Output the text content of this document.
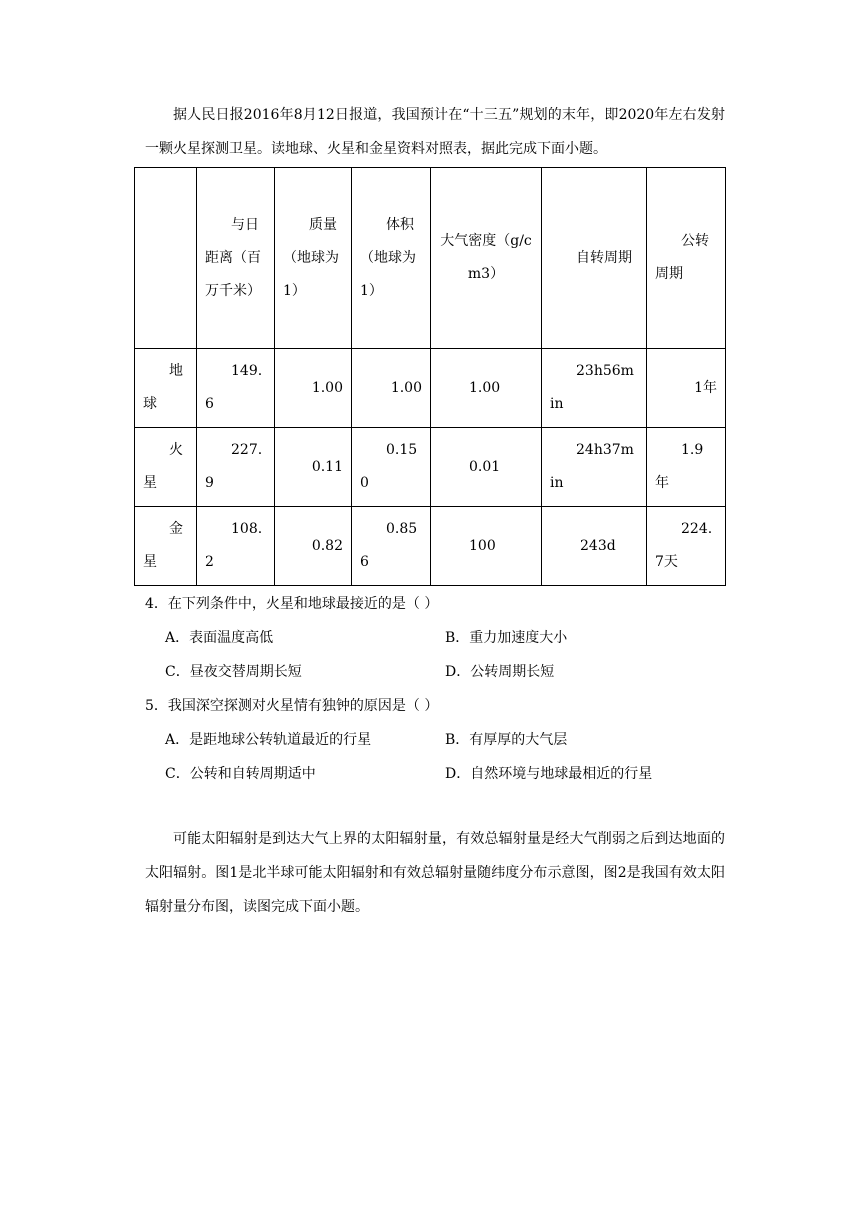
据人民日报2016年8月12日报道，我国预计在“十三五”规划的末年，即2020年左右发射一颗火星探测卫星。读地球、火星和金星资料对照表，据此完成下面小题。

	与日距离（百万千米）	质量（地球为1）	体积（地球为1）	大气密度（g/cm3）	自转周期	公转周期

地球	149.6	1.00	1.00	1.00	23h56min	1年

火星	227.9	0.11	0.150	0.01	24h37min	1.9年

金星	108.2	0.82	0.856	100	243d	224.7天

4．在下列条件中，火星和地球最接近的是（ ）

A．表面温度高低	B．重力加速度大小

C．昼夜交替周期长短	D．公转周期长短

5．我国深空探测对火星情有独钟的原因是（ ）

A．是距地球公转轨道最近的行星	B．有厚厚的大气层

C．公转和自转周期适中	D．自然环境与地球最相近的行星

可能太阳辐射是到达大气上界的太阳辐射量，有效总辐射量是经大气削弱之后到达地面的太阳辐射。图1是北半球可能太阳辐射和有效总辐射量随纬度分布示意图，图2是我国有效太阳辐射量分布图，读图完成下面小题。
